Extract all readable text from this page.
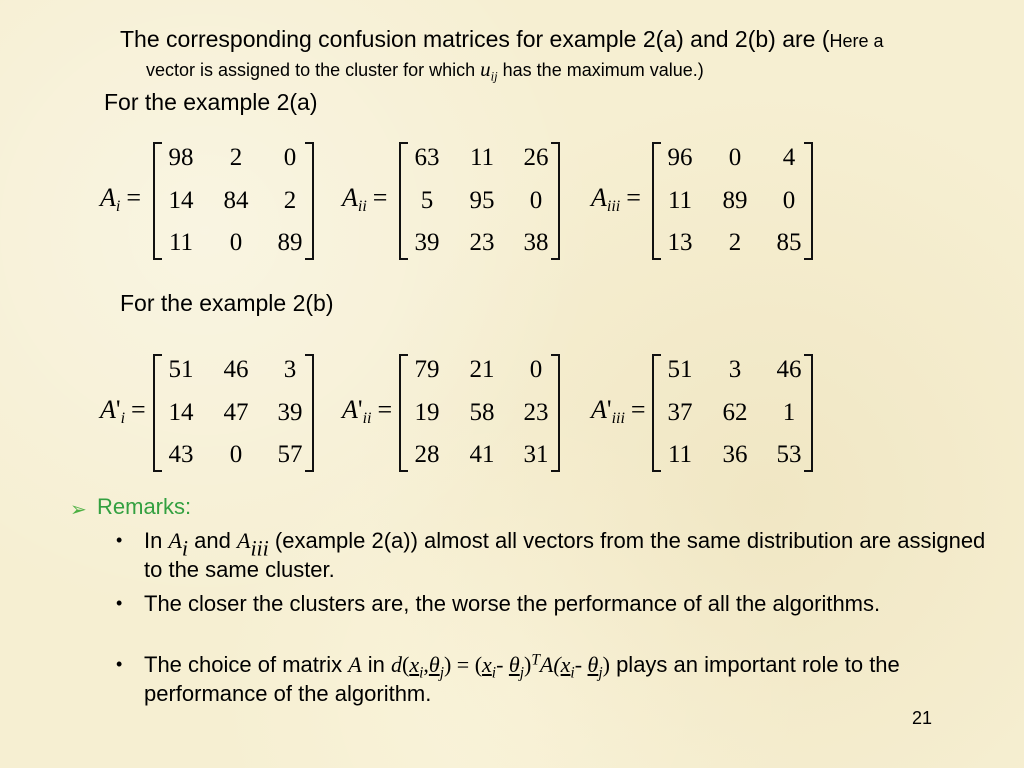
The corresponding confusion matrices for example 2(a) and 2(b) are (Here a
vector is assigned to the cluster for which $u_{ij}$ has the maximum value.)
For the example 2(a)
For the example 2(b)
$A_i$ =
98	2	0
14	84	2
11	0	89
$A_{ii}$ =
63	11	26
5	95	0
39	23	38
$A_{iii}$ =
96	0	4
11	89	0
13	2	85
$A'_i$ =
51	46	3
14	47	39
43	0	57
$A'_{ii}$ =
79	21	0
19	58	23
28	41	31
$A'_{iii}$ =
51	3	46
37	62	1
11	36	53
➢ Remarks:
• In $A_i$ and $A_{iii}$ (example 2(a)) almost all vectors from the same distribution are assigned to the same cluster.
• The closer the clusters are, the worse the performance of all the algorithms.
• The choice of matrix A in $d(x_i,\theta_j) = (x_i-$ $\theta_j)^TA(x_i-$ $\theta_j$) plays an important role to the performance of the algorithm.
21
